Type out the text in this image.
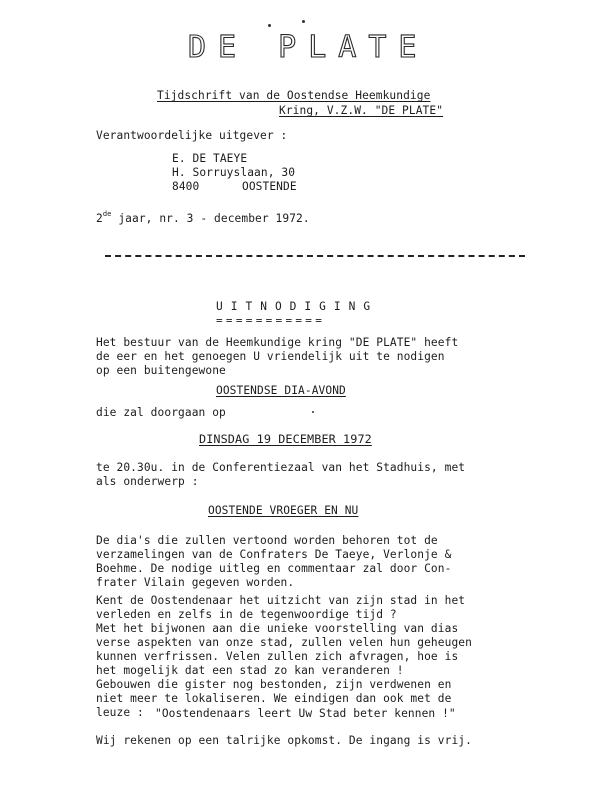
DE PLATE
Tijdschrift van de Oostendse Heemkundige
Kring, V.Z.W. "DE PLATE"
Verantwoordelijke uitgever :
E. DE TAEYE
H. Sorruyslaan, 30
8400	OOSTENDE
2de jaar, nr. 3 - december 1972.
UITNODIGING
===========
Het bestuur van de Heemkundige kring "DE PLATE" heeft
de eer en het genoegen U vriendelijk uit te nodigen
op een buitengewone
OOSTENDSE DIA-AVOND
die zal doorgaan op
DINSDAG 19 DECEMBER 1972
te 20.30u. in de Conferentiezaal van het Stadhuis, met
als onderwerp :
OOSTENDE VROEGER EN NU
De dia's die zullen vertoond worden behoren tot de
verzamelingen van de Confraters De Taeye, Verlonje &
Boehme. De nodige uitleg en commentaar zal door Con-
frater Vilain gegeven worden.
Kent de Oostendenaar het uitzicht van zijn stad in het
verleden en zelfs in de tegenwoordige tijd ?
Met het bijwonen aan die unieke voorstelling van dias
verse aspekten van onze stad, zullen velen hun geheugen
kunnen verfrissen. Velen zullen zich afvragen, hoe is
het mogelijk dat een stad zo kan veranderen !
Gebouwen die gister nog bestonden, zijn verdwenen en
niet meer te lokaliseren. We eindigen dan ook met de
leuze : "Oostendenaars leert Uw Stad beter kennen !"
Wij rekenen op een talrijke opkomst. De ingang is vrij.
